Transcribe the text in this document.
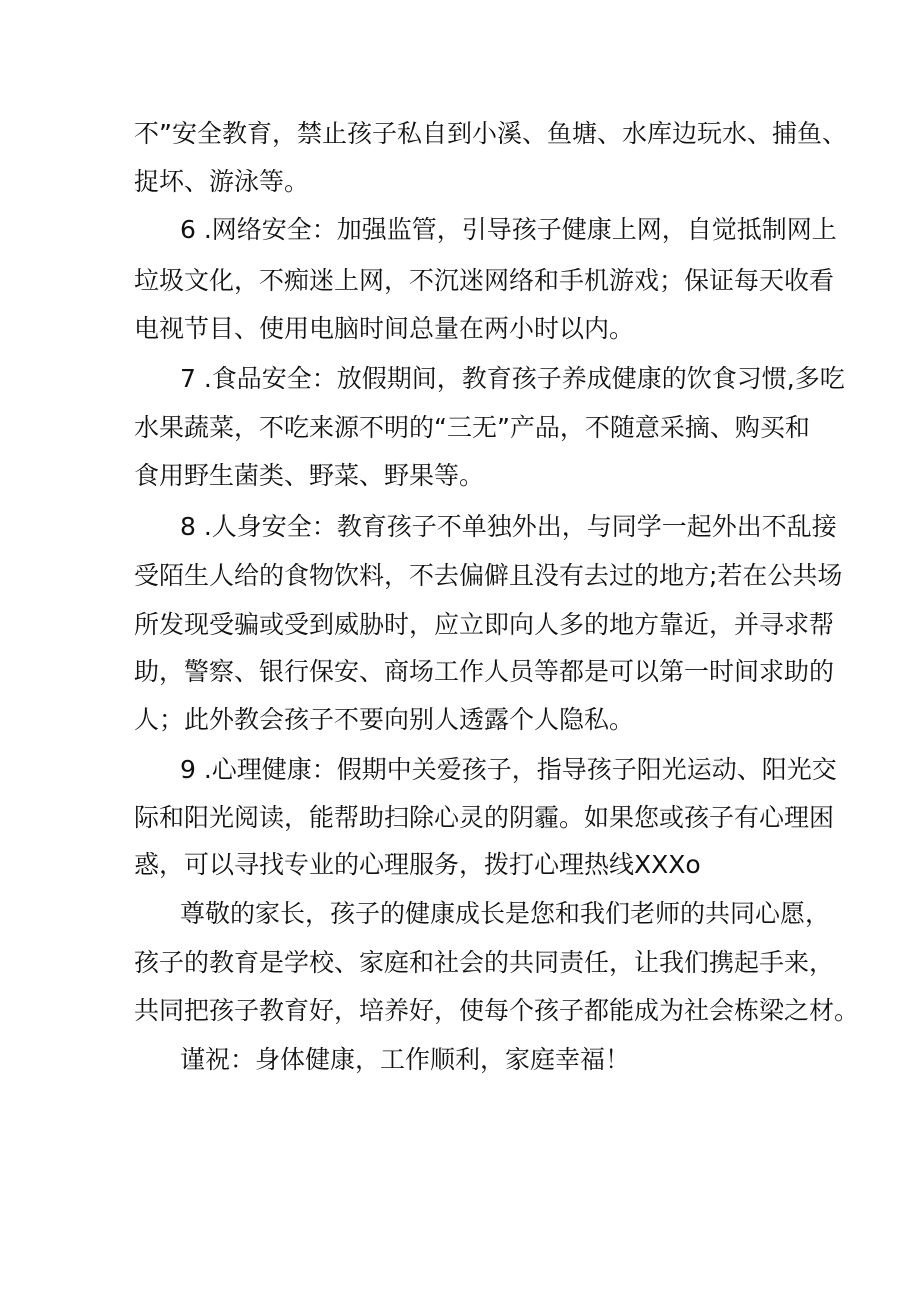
不”安全教育，禁止孩子私自到小溪、鱼塘、水库边玩水、捕鱼、
捉坏、游泳等。
6 .网络安全：加强监管，引导孩子健康上网，自觉抵制网上
垃圾文化，不痴迷上网，不沉迷网络和手机游戏；保证每天收看
电视节目、使用电脑时间总量在两小时以内。
7 .食品安全：放假期间，教育孩子养成健康的饮食习惯,多吃
水果蔬菜，不吃来源不明的“三无”产品，不随意采摘、购买和
食用野生菌类、野菜、野果等。
8 .人身安全：教育孩子不单独外出，与同学一起外出不乱接
受陌生人给的食物饮料，不去偏僻且没有去过的地方;若在公共场
所发现受骗或受到威胁时，应立即向人多的地方靠近，并寻求帮
助，警察、银行保安、商场工作人员等都是可以第一时间求助的
人；此外教会孩子不要向别人透露个人隐私。
9 .心理健康：假期中关爱孩子，指导孩子阳光运动、阳光交
际和阳光阅读，能帮助扫除心灵的阴霾。如果您或孩子有心理困
惑，可以寻找专业的心理服务，拨打心理热线XXXo
尊敬的家长，孩子的健康成长是您和我们老师的共同心愿，
孩子的教育是学校、家庭和社会的共同责任，让我们携起手来，
共同把孩子教育好，培养好，使每个孩子都能成为社会栋梁之材。
谨祝：身体健康，工作顺利，家庭幸福！
